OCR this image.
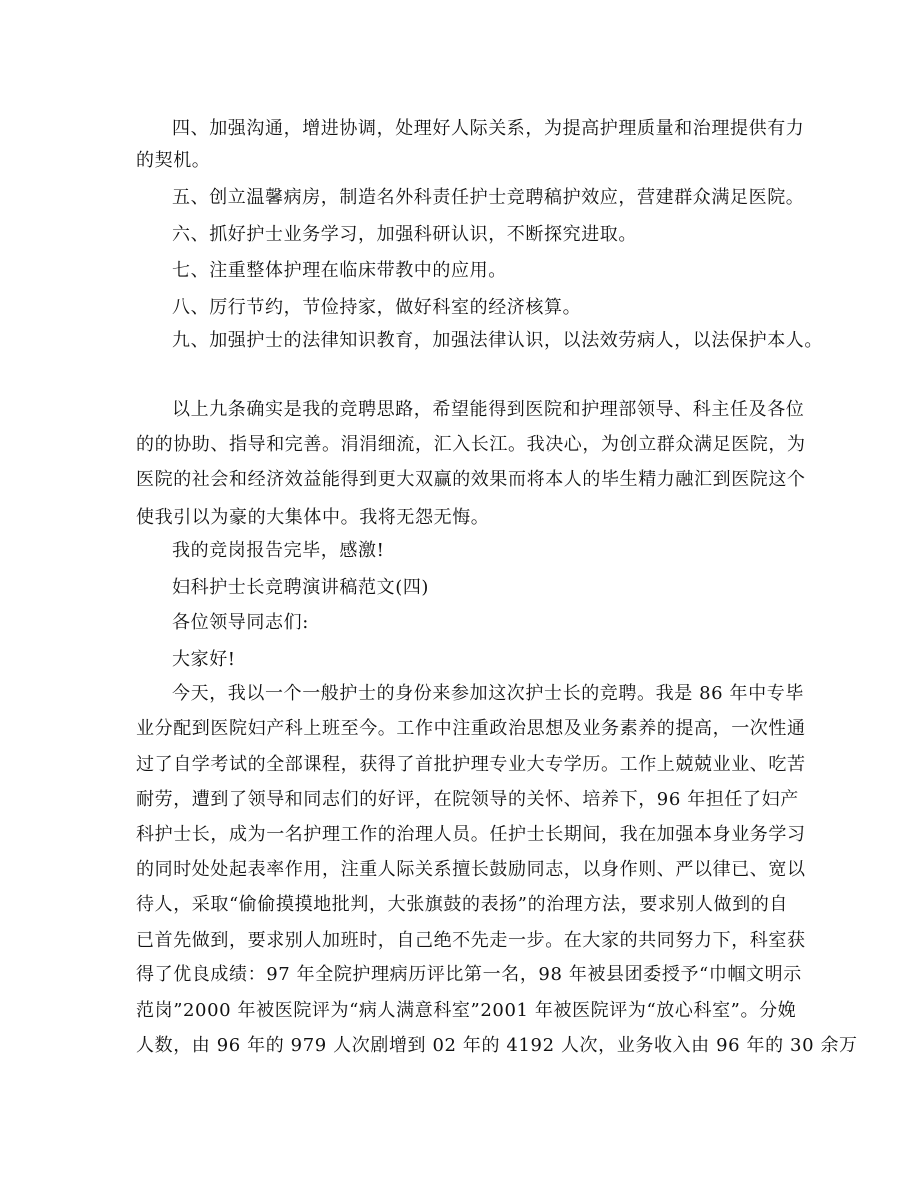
四、加强沟通，增进协调，处理好人际关系，为提高护理质量和治理提供有力
的契机。
五、创立温馨病房，制造名外科责任护士竞聘稿护效应，营建群众满足医院。
六、抓好护士业务学习，加强科研认识，不断探究进取。
七、注重整体护理在临床带教中的应用。
八、厉行节约，节俭持家，做好科室的经济核算。
九、加强护士的法律知识教育，加强法律认识，以法效劳病人，以法保护本人。
以上九条确实是我的竞聘思路，希望能得到医院和护理部领导、科主任及各位
的的协助、指导和完善。涓涓细流，汇入长江。我决心，为创立群众满足医院，为
医院的社会和经济效益能得到更大双赢的效果而将本人的毕生精力融汇到医院这个
使我引以为豪的大集体中。我将无怨无悔。
我的竞岗报告完毕，感激!
妇科护士长竞聘演讲稿范文(四)
各位领导同志们:
大家好!
今天，我以一个一般护士的身份来参加这次护士长的竞聘。我是 86 年中专毕
业分配到医院妇产科上班至今。工作中注重政治思想及业务素养的提高，一次性通
过了自学考试的全部课程，获得了首批护理专业大专学历。工作上兢兢业业、吃苦
耐劳，遭到了领导和同志们的好评，在院领导的关怀、培养下，96 年担任了妇产
科护士长，成为一名护理工作的治理人员。任护士长期间，我在加强本身业务学习
的同时处处起表率作用，注重人际关系擅长鼓励同志，以身作则、严以律已、宽以
待人，采取“偷偷摸摸地批判，大张旗鼓的表扬”的治理方法，要求别人做到的自
已首先做到，要求别人加班时，自己绝不先走一步。在大家的共同努力下，科室获
得了优良成绩：97 年全院护理病历评比第一名，98 年被县团委授予“巾帼文明示
范岗”2000 年被医院评为“病人满意科室”2001 年被医院评为“放心科室”。分娩
人数，由 96 年的 979 人次剧增到 02 年的 4192 人次，业务收入由 96 年的 30 余万
